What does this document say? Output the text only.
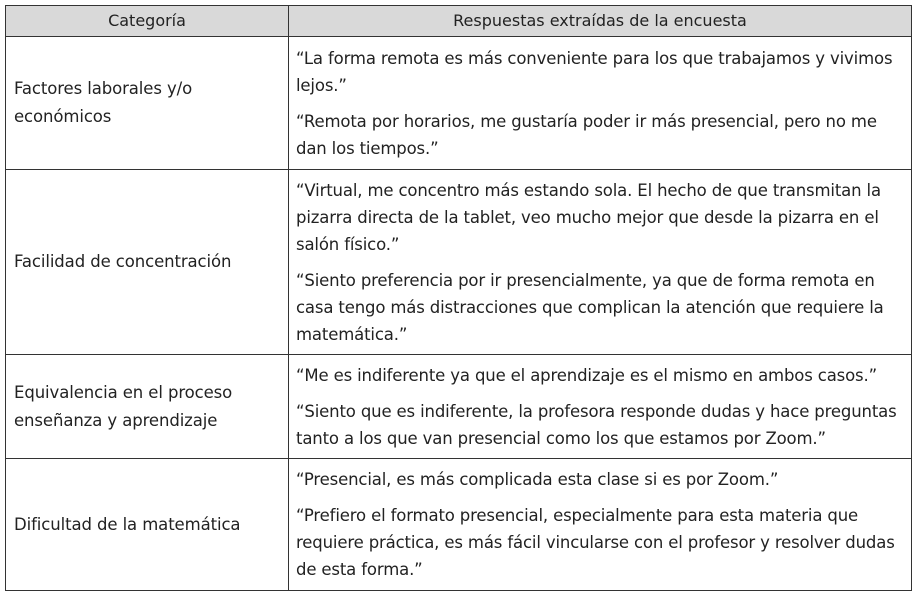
Categoría	Respuestas extraídas de la encuesta
Factores laborales y/o económicos	“La forma remota es más conveniente para los que trabajamos y vivimos lejos.”

“Remota por horarios, me gustaría poder ir más presencial, pero no me dan los tiempos.”

Facilidad de concentración	“Virtual, me concentro más estando sola. El hecho de que transmitan la pizarra directa de la tablet, veo mucho mejor que desde la pizarra en el salón físico.”

“Siento preferencia por ir presencialmente, ya que de forma remota en casa tengo más distracciones que complican la atención que requiere la matemática.”

Equivalencia en el proceso enseñanza y aprendizaje	“Me es indiferente ya que el aprendizaje es el mismo en ambos casos.”

“Siento que es indiferente, la profesora responde dudas y hace preguntas tanto a los que van presencial como los que estamos por Zoom.”

Dificultad de la matemática	“Presencial, es más complicada esta clase si es por Zoom.”

“Prefiero el formato presencial, especialmente para esta materia que requiere práctica, es más fácil vincularse con el profesor y resolver dudas de esta forma.”
